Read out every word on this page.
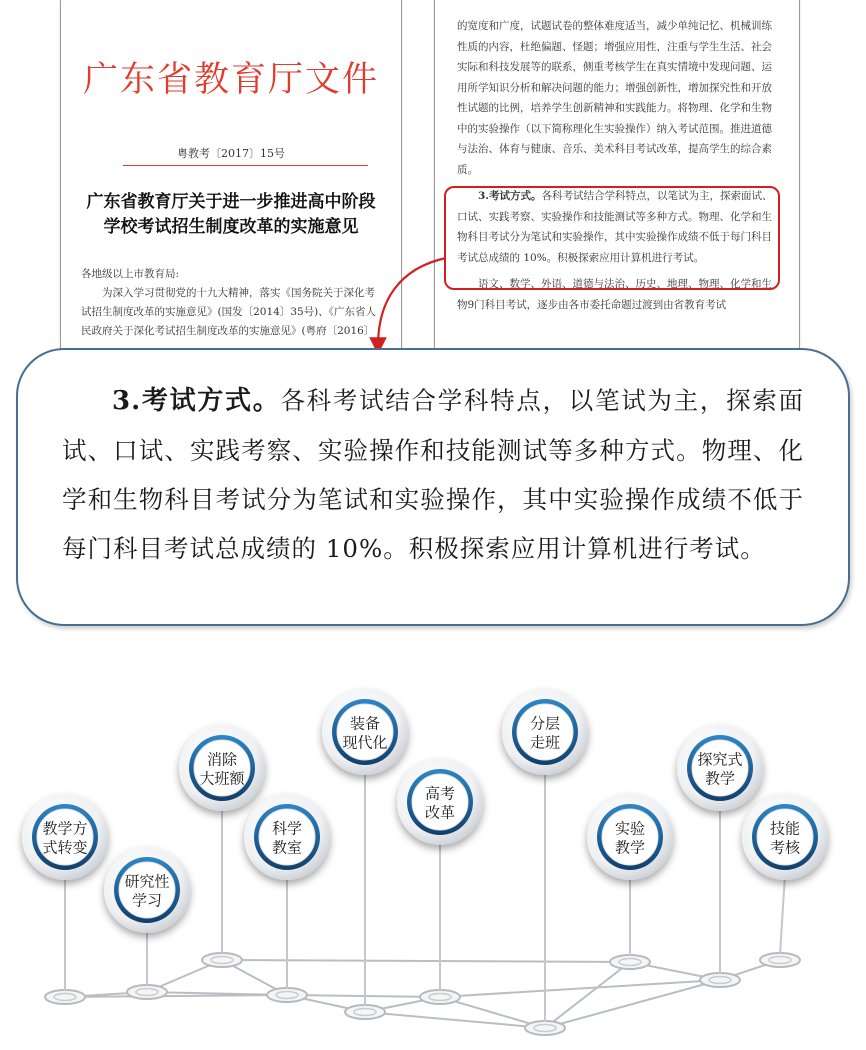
广东省教育厅文件
粤教考〔2017〕15号
广东省教育厅关于进一步推进高中阶段
学校考试招生制度改革的实施意见

各地级以上市教育局:

为深入学习贯彻党的十九大精神，落实《国务院关于深化考

试招生制度改革的实施意见》(国发〔2014〕35号)、《广东省人

民政府关于深化考试招生制度改革的实施意见》(粤府〔2016〕

的宽度和广度，试题试卷的整体难度适当，减少单纯记忆、机械训练性质的内容，杜绝偏题、怪题；增强应用性，注重与学生生活、社会实际和科技发展等的联系，侧重考核学生在真实情境中发现问题、运用所学知识分析和解决问题的能力；增强创新性，增加探究性和开放性试题的比例，培养学生创新精神和实践能力。将物理、化学和生物中的实验操作（以下简称理化生实验操作）纳入考试范围。推进道德与法治、体育与健康、音乐、美术科目考试改革，提高学生的综合素质。

3.考试方式。各科考试结合学科特点，以笔试为主，探索面试、口试、实践考察、实验操作和技能测试等多种方式。物理、化学和生物科目考试分为笔试和实验操作，其中实验操作成绩不低于每门科目考试总成绩的 10%。积极探索应用计算机进行考试。

语文、数学、外语、道德与法治、历史、地理、物理、化学和生物9门科目考试，逐步由各市委托命题过渡到由省教育考试

3.考试方式。各科考试结合学科特点，以笔试为主，探索面试、口试、实践考察、实验操作和技能测试等多种方式。物理、化学和生物科目考试分为笔试和实验操作，其中实验操作成绩不低于每门科目考试总成绩的 10%。积极探索应用计算机进行考试。

教学方
式转变
研究性
学习
消除
大班额
科学
教室
装备
现代化
高考
改革
分层
走班
实验
教学
探究式
教学
技能
考核
